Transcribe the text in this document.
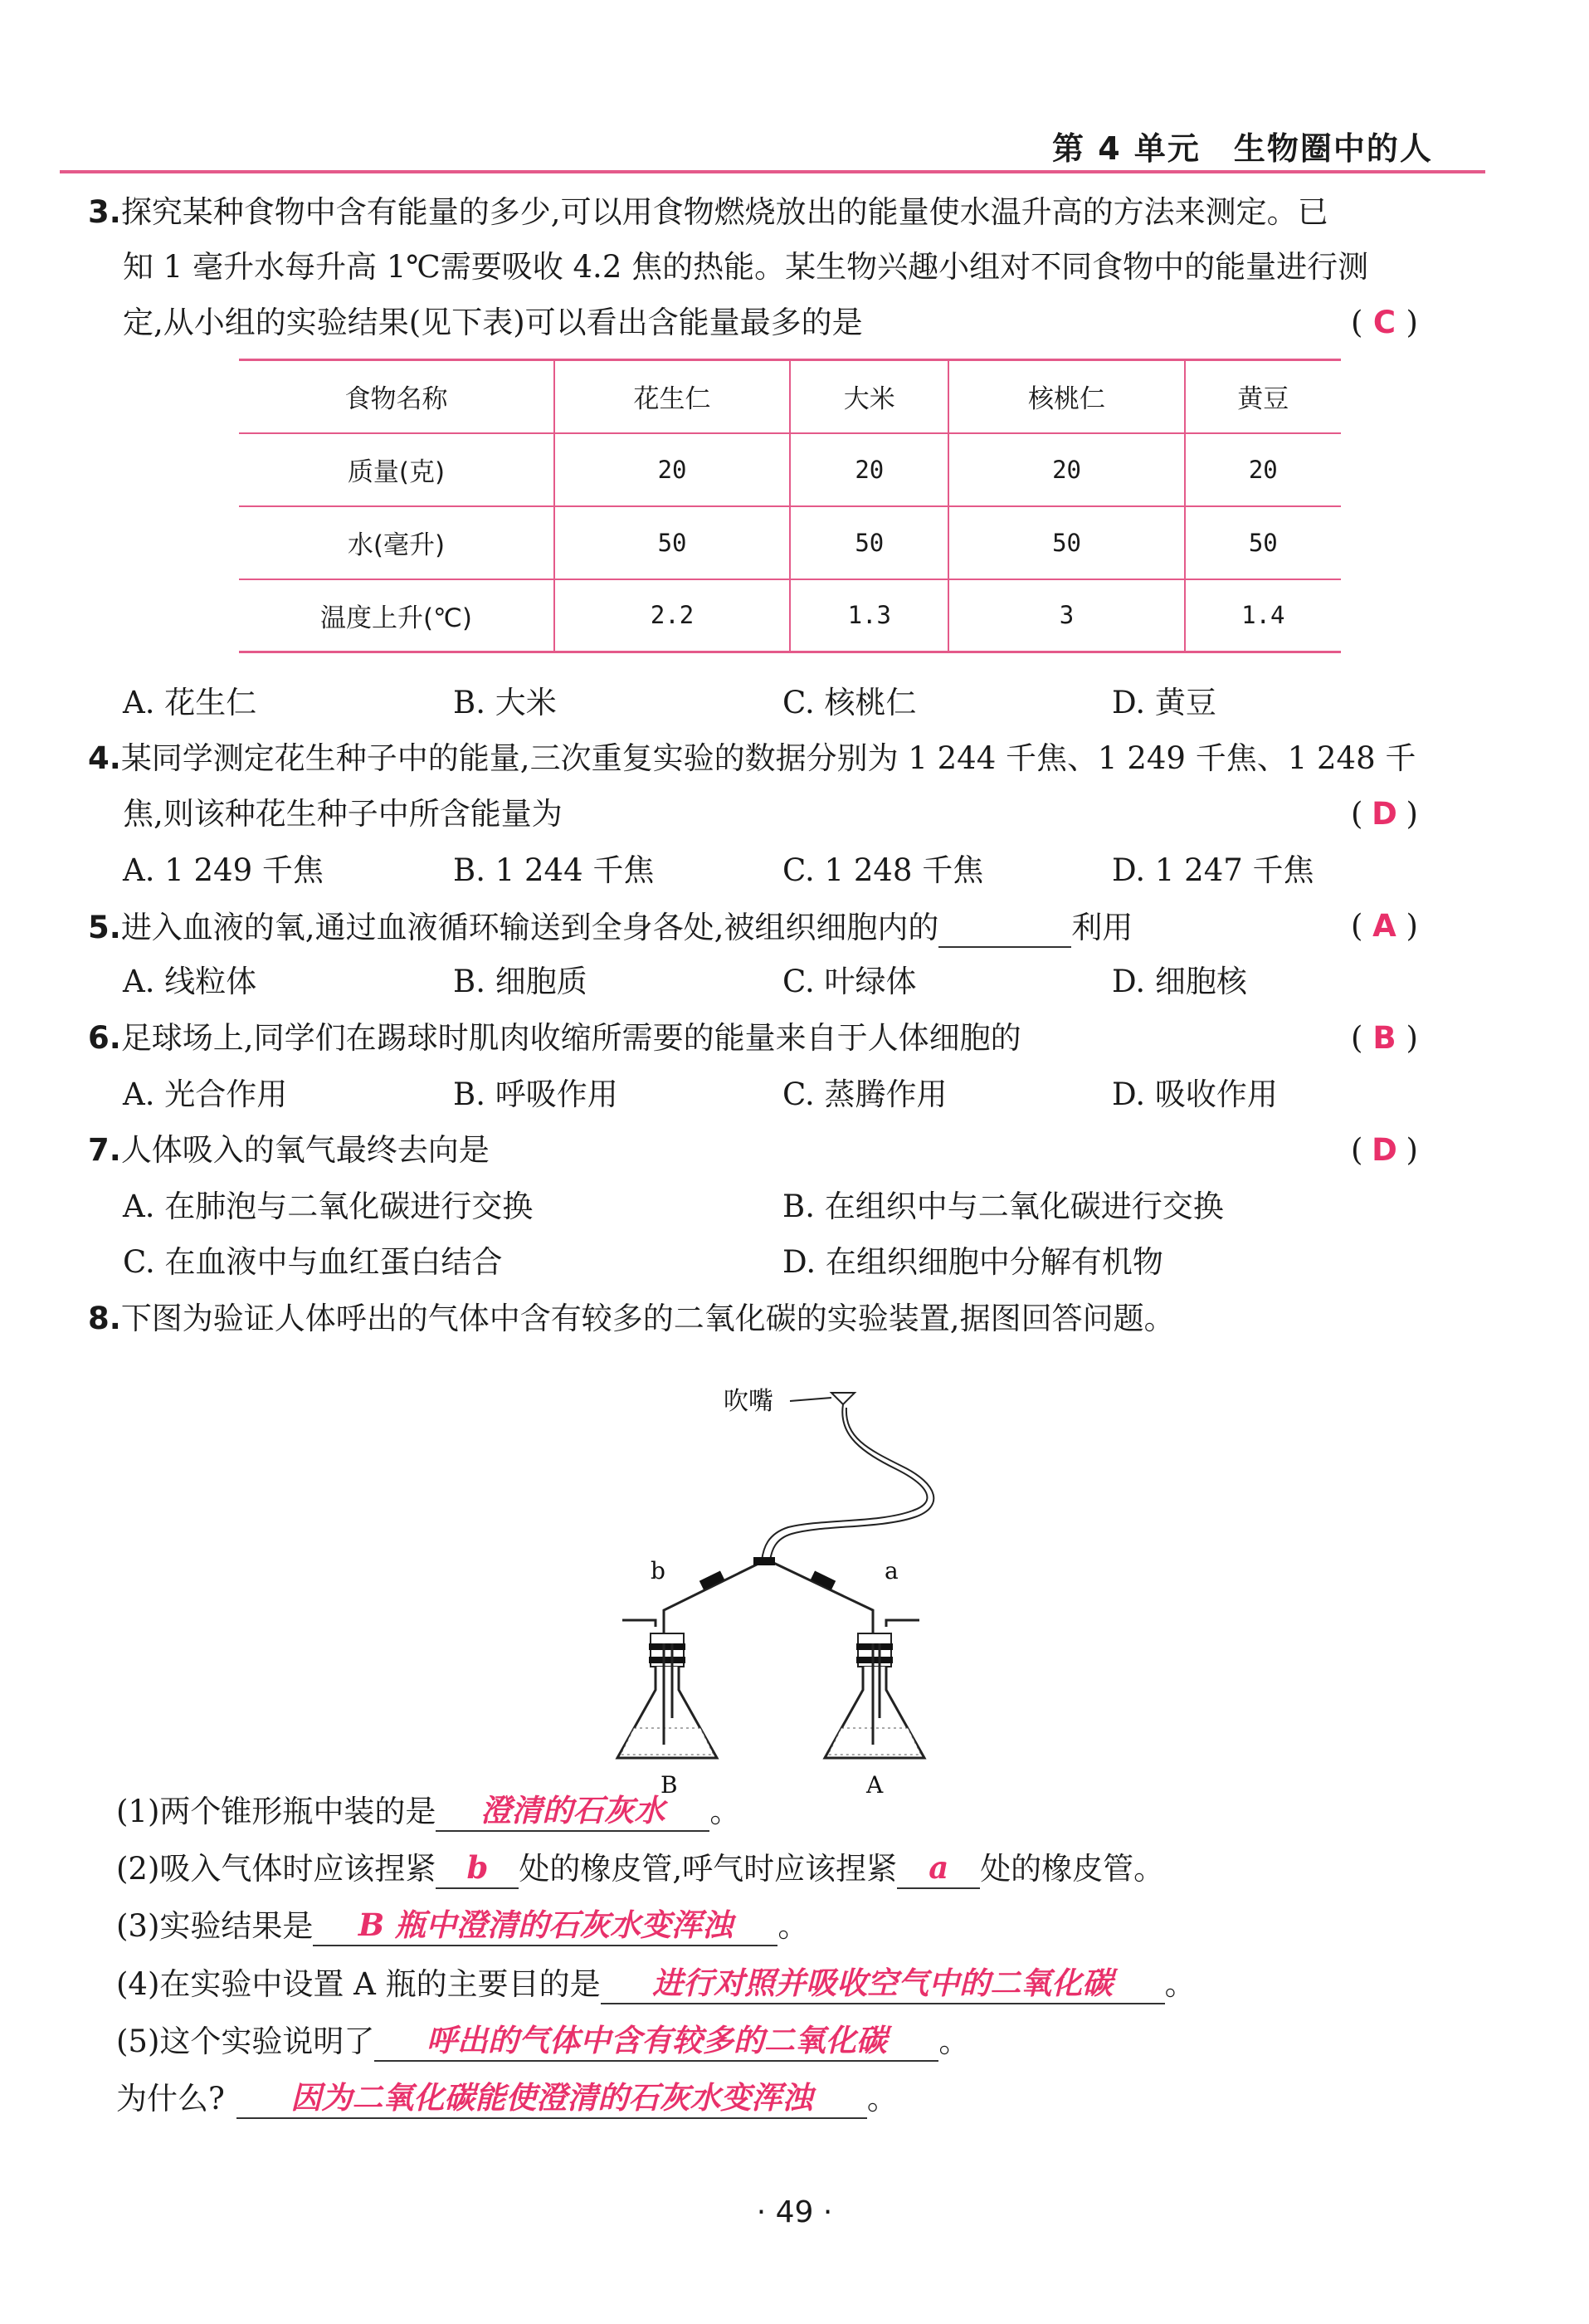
第 4 单元 生物圈中的人
3.探究某种食物中含有能量的多少,可以用食物燃烧放出的能量使水温升高的方法来测定。已
知 1 毫升水每升高 1℃需要吸收 4.2 焦的热能。某生物兴趣小组对不同食物中的能量进行测
定,从小组的实验结果(见下表)可以看出含能量最多的是	( C )
食物名称	花生仁	大米	核桃仁	黄豆
质量(克)	20	20	20	20
水(毫升)	50	50	50	50
温度上升(℃)	2.2	1.3	3	1.4
A. 花生仁	B. 大米	C. 核桃仁	D. 黄豆
4.某同学测定花生种子中的能量,三次重复实验的数据分别为 1 244 千焦、1 249 千焦、1 248 千
焦,则该种花生种子中所含能量为	( D )
A. 1 249 千焦	B. 1 244 千焦	C. 1 248 千焦	D. 1 247 千焦
5.进入血液的氧,通过血液循环输送到全身各处,被组织细胞内的	利用	( A )
A. 线粒体	B. 细胞质	C. 叶绿体	D. 细胞核
6.足球场上,同学们在踢球时肌肉收缩所需要的能量来自于人体细胞的	( B )
A. 光合作用	B. 呼吸作用	C. 蒸腾作用	D. 吸收作用
7.人体吸入的氧气最终去向是	( D )
A. 在肺泡与二氧化碳进行交换	B. 在组织中与二氧化碳进行交换
C. 在血液中与血红蛋白结合	D. 在组织细胞中分解有机物
8.下图为验证人体呼出的气体中含有较多的二氧化碳的实验装置,据图回答问题。
吹嘴
b	a
B	A
(1)两个锥形瓶中装的是 澄清的石灰水 。
(2)吸入气体时应该捏紧 b 处的橡皮管,呼气时应该捏紧 a 处的橡皮管。
(3)实验结果是 B 瓶中澄清的石灰水变浑浊 。
(4)在实验中设置 A 瓶的主要目的是 进行对照并吸收空气中的二氧化碳 。
(5)这个实验说明了 呼出的气体中含有较多的二氧化碳 。
为什么? 因为二氧化碳能使澄清的石灰水变浑浊 。
· 49 ·
